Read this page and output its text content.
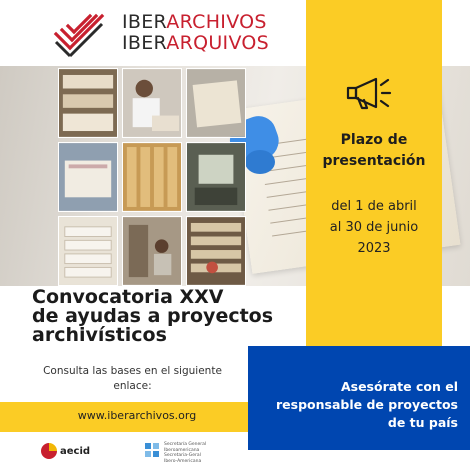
IBERARCHIVOS
IBERARQUIVOS
Plazo de
presentación
del 1 de abril
al 30 de junio
2023
Convocatoria XXV
de ayudas a proyectos
archivísticos
Consulta las bases en el siguiente
enlace:
www.iberarchivos.org
Asesórate con el
responsable de proyectos
de tu país
aecid
Secretaría General
Iberoamericana
Secretaria-Geral
Ibero-Americana
